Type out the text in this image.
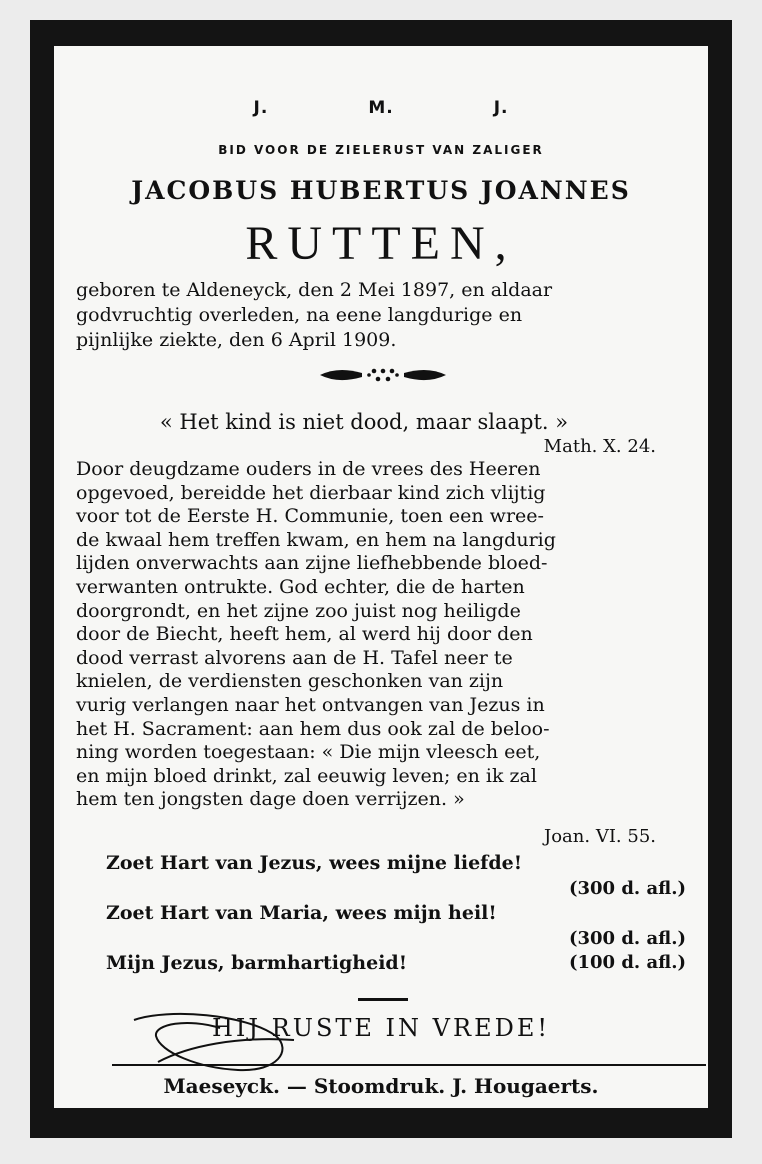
J.	M.	J.
BID VOOR DE ZIELERUST VAN ZALIGER
JACOBUS HUBERTUS JOANNES
RUTTEN,
geboren te Aldeneyck, den 2 Mei 1897, en aldaar
godvruchtig overleden, na eene langdurige en
pijnlijke ziekte, den 6 April 1909.
« Het kind is niet dood, maar slaapt. »
Math. X. 24.
Door deugdzame ouders in de vrees des Heeren
opgevoed, bereidde het dierbaar kind zich vlijtig
voor tot de Eerste H. Communie, toen een wree-
de kwaal hem treffen kwam, en hem na langdurig
lijden onverwachts aan zijne liefhebbende bloed-
verwanten ontrukte. God echter, die de harten
doorgrondt, en het zijne zoo juist nog heiligde
door de Biecht, heeft hem, al werd hij door den
dood verrast alvorens aan de H. Tafel neer te
knielen, de verdiensten geschonken van zijn
vurig verlangen naar het ontvangen van Jezus in
het H. Sacrament: aan hem dus ook zal de beloo-
ning worden toegestaan: « Die mijn vleesch eet,
en mijn bloed drinkt, zal eeuwig leven; en ik zal
hem ten jongsten dage doen verrijzen. »
Joan. VI. 55.
Zoet Hart van Jezus, wees mijne liefde!
(300 d. afl.)
Zoet Hart van Maria, wees mijn heil!
(300 d. afl.)
Mijn Jezus, barmhartigheid!	(100 d. afl.)
HIJ RUSTE IN VREDE!
Maeseyck. — Stoomdruk. J. Hougaerts.
